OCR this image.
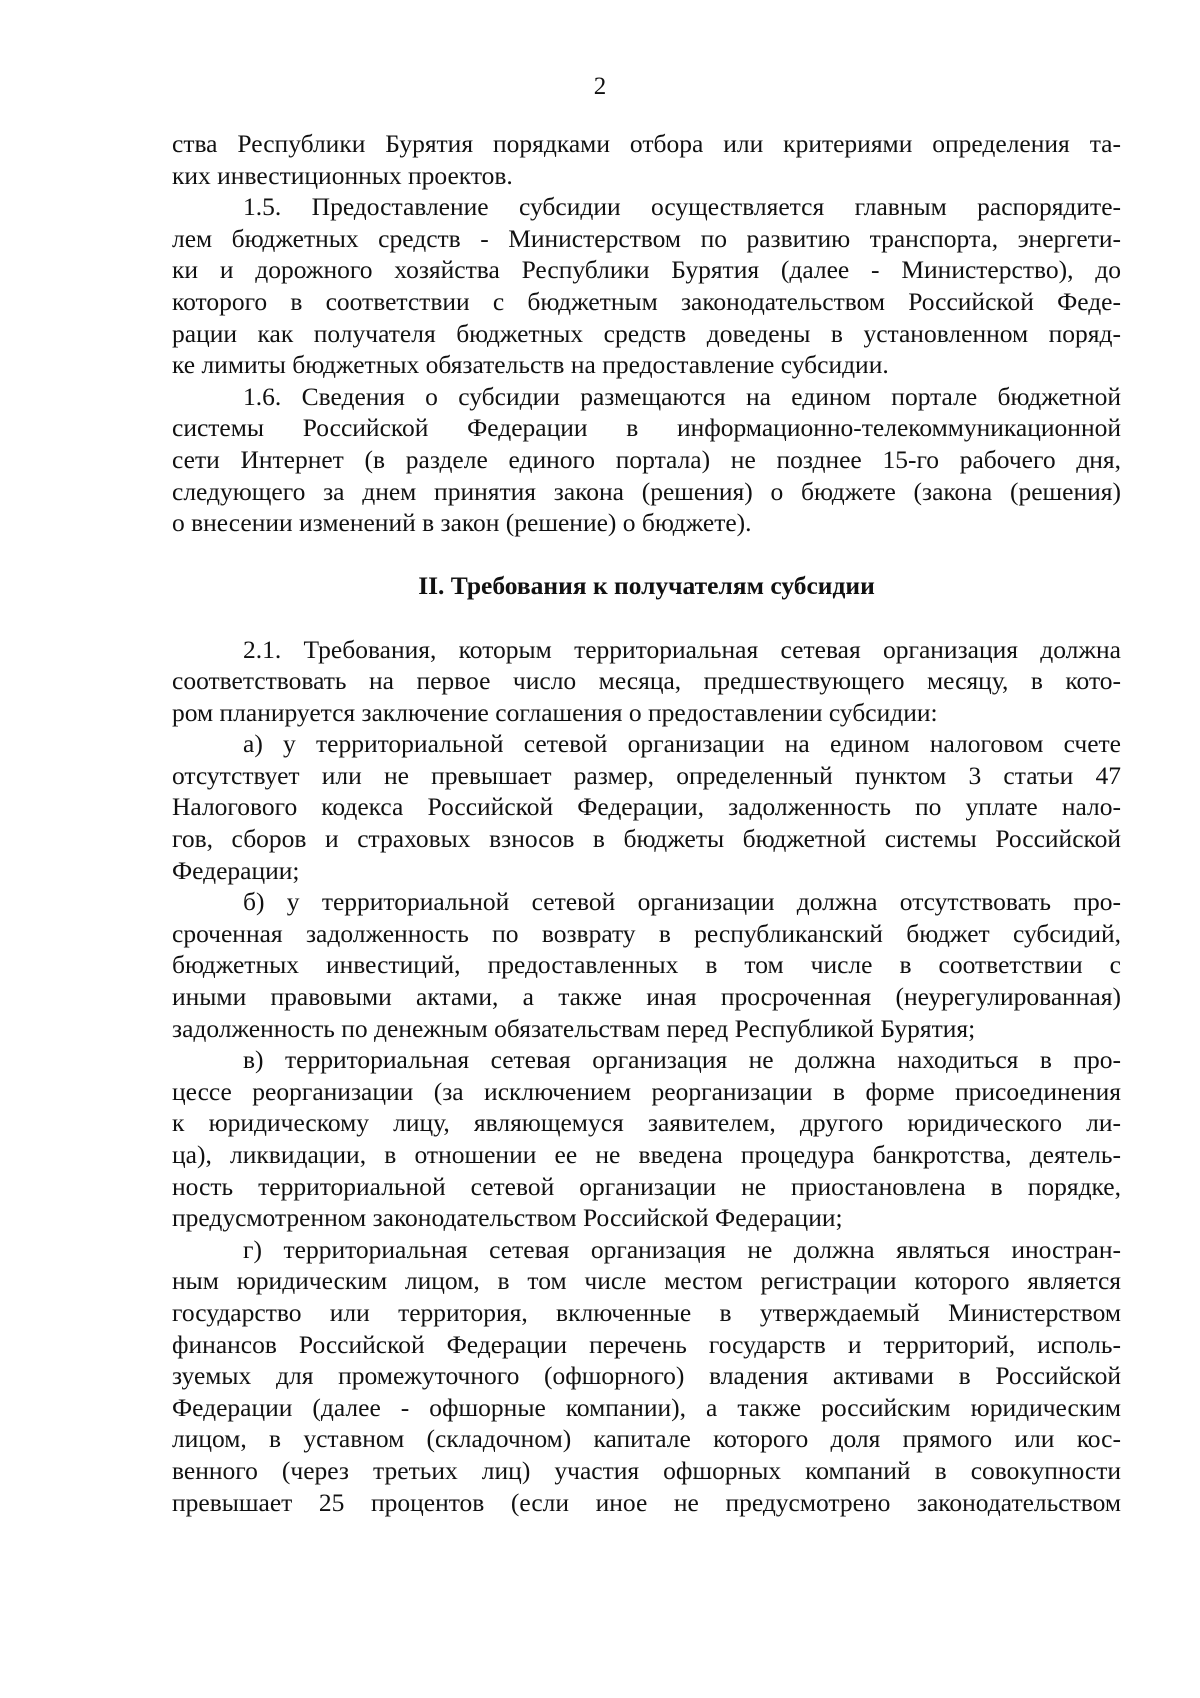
2
ства Республики Бурятия порядками отбора или критериями определения та-
ких инвестиционных проектов.
1.5. Предоставление субсидии осуществляется главным распорядите-
лем бюджетных средств - Министерством по развитию транспорта, энергети-
ки и дорожного хозяйства Республики Бурятия (далее - Министерство), до
которого в соответствии с бюджетным законодательством Российской Феде-
рации как получателя бюджетных средств доведены в установленном поряд-
ке лимиты бюджетных обязательств на предоставление субсидии.
1.6. Сведения о субсидии размещаются на едином портале бюджетной
системы Российской Федерации в информационно-телекоммуникационной
сети Интернет (в разделе единого портала) не позднее 15-го рабочего дня,
следующего за днем принятия закона (решения) о бюджете (закона (решения)
о внесении изменений в закон (решение) о бюджете).
II. Требования к получателям субсидии
2.1. Требования, которым территориальная сетевая организация должна
соответствовать на первое число месяца, предшествующего месяцу, в кото-
ром планируется заключение соглашения о предоставлении субсидии:
а) у территориальной сетевой организации на едином налоговом счете
отсутствует или не превышает размер, определенный пунктом 3 статьи 47
Налогового кодекса Российской Федерации, задолженность по уплате нало-
гов, сборов и страховых взносов в бюджеты бюджетной системы Российской
Федерации;
б) у территориальной сетевой организации должна отсутствовать про-
сроченная задолженность по возврату в республиканский бюджет субсидий,
бюджетных инвестиций, предоставленных в том числе в соответствии с
иными правовыми актами, а также иная просроченная (неурегулированная)
задолженность по денежным обязательствам перед Республикой Бурятия;
в) территориальная сетевая организация не должна находиться в про-
цессе реорганизации (за исключением реорганизации в форме присоединения
к юридическому лицу, являющемуся заявителем, другого юридического ли-
ца), ликвидации, в отношении ее не введена процедура банкротства, деятель-
ность территориальной сетевой организации не приостановлена в порядке,
предусмотренном законодательством Российской Федерации;
г) территориальная сетевая организация не должна являться иностран-
ным юридическим лицом, в том числе местом регистрации которого является
государство или территория, включенные в утверждаемый Министерством
финансов Российской Федерации перечень государств и территорий, исполь-
зуемых для промежуточного (офшорного) владения активами в Российской
Федерации (далее - офшорные компании), а также российским юридическим
лицом, в уставном (складочном) капитале которого доля прямого или кос-
венного (через третьих лиц) участия офшорных компаний в совокупности
превышает 25 процентов (если иное не предусмотрено законодательством
